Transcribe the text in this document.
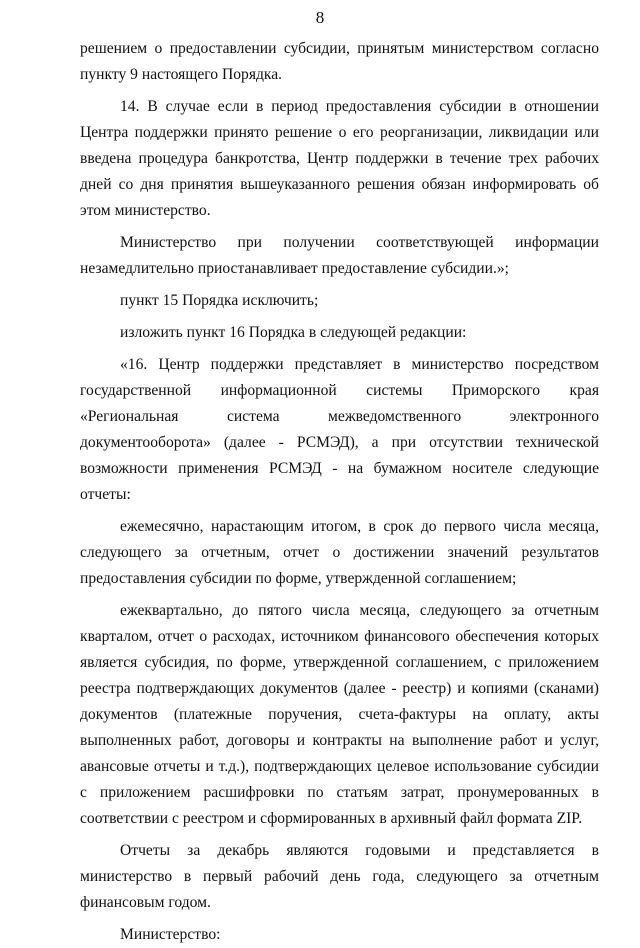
8

решением о предоставлении субсидии, принятым министерством согласно пункту 9 настоящего Порядка.

14. В случае если в период предоставления субсидии в отношении Центра поддержки принято решение о его реорганизации, ликвидации или введена процедура банкротства, Центр поддержки в течение трех рабочих дней со дня принятия вышеуказанного решения обязан информировать об этом министерство.

Министерство при получении соответствующей информации незамедлительно приостанавливает предоставление субсидии.»;

пункт 15 Порядка исключить;

изложить пункт 16 Порядка в следующей редакции:

«16. Центр поддержки представляет в министерство посредством государственной информационной системы Приморского края «Региональная система межведомственного электронного документооборота» (далее - РСМЭД), а при отсутствии технической возможности применения РСМЭД - на бумажном носителе следующие отчеты:

ежемесячно, нарастающим итогом, в срок до первого числа месяца, следующего за отчетным, отчет о достижении значений результатов предоставления субсидии по форме, утвержденной соглашением;

ежеквартально, до пятого числа месяца, следующего за отчетным кварталом, отчет о расходах, источником финансового обеспечения которых является субсидия, по форме, утвержденной соглашением, с приложением реестра подтверждающих документов (далее - реестр) и копиями (сканами) документов (платежные поручения, счета-фактуры на оплату, акты выполненных работ, договоры и контракты на выполнение работ и услуг, авансовые отчеты и т.д.), подтверждающих целевое использование субсидии с приложением расшифровки по статьям затрат, пронумерованных в соответствии с реестром и сформированных в архивный файл формата ZIP.

Отчеты за декабрь являются годовыми и представляется в министерство в первый рабочий день года, следующего за отчетным финансовым годом.

Министерство:
